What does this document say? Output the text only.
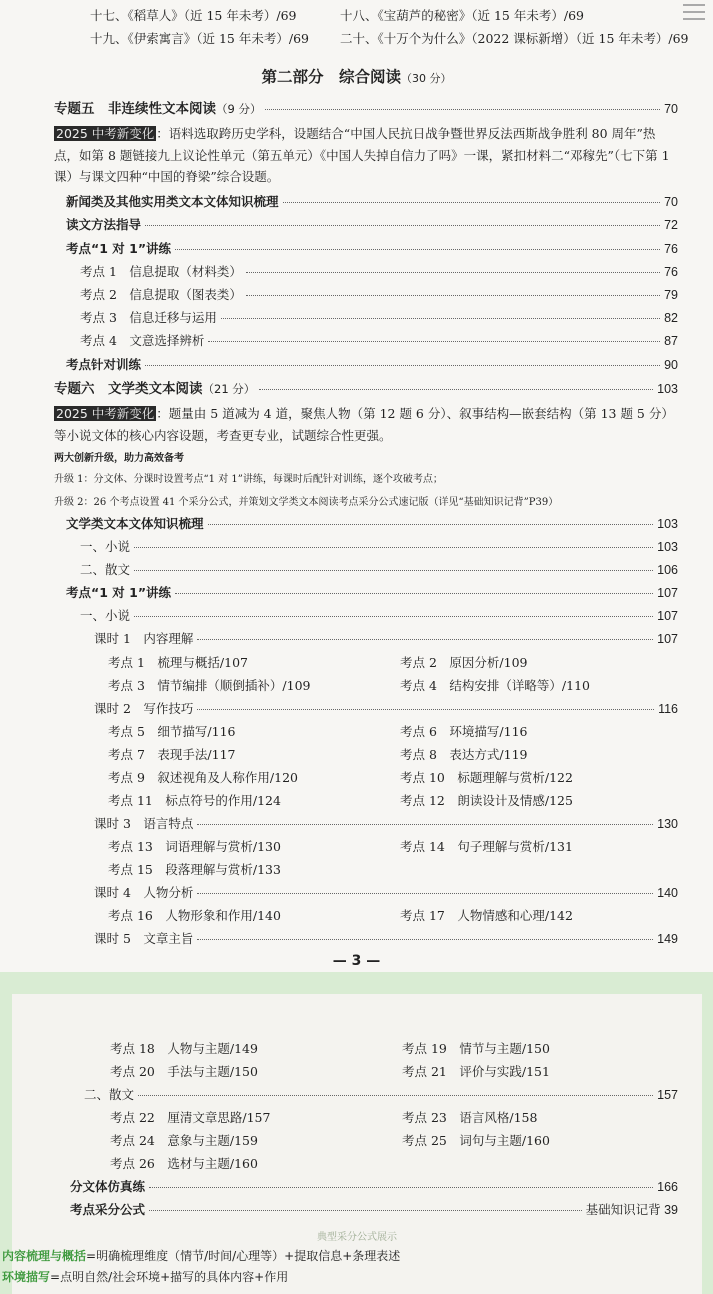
十七、《稻草人》（近 15 年未考）/69	十八、《宝葫芦的秘密》（近 15 年未考）/69
十九、《伊索寓言》（近 15 年未考）/69 二十、《十万个为什么》（2022 课标新增）（近 15 年未考）/69
第二部分　综合阅读（30 分）
专题五　非连续性文本阅读（9 分）	70
2025 中考新变化 ：语料选取跨历史学科，设题结合“中国人民抗日战争暨世界反法西斯战争胜利 80 周年”热点，如第 8 题链接九上议论性单元（第五单元）《中国人失掉自信力了吗》一课，紧扣材料二“邓稼先”（七下第 1 课）与课文四种“中国的脊梁”综合设题。
新闻类及其他实用类文本文体知识梳理	70
读文方法指导	72
考点“1 对 1”讲练	76
考点 1　信息提取（材料类）	76
考点 2　信息提取（图表类）	79
考点 3　信息迁移与运用	82
考点 4　文意选择辨析	87
考点针对训练	90
专题六　文学类文本阅读（21 分）	103
2025 中考新变化 ：题量由 5 道减为 4 道，聚焦人物（第 12 题 6 分）、叙事结构—嵌套结构（第 13 题 5 分）等小说文体的核心内容设题，考查更专业，试题综合性更强。
两大创新升级，助力高效备考
升级 1：分文体、分课时设置考点“1 对 1”讲练，每课时后配针对训练，逐个攻破考点；
升级 2：26 个考点设置 41 个采分公式，并策划文学类文本阅读考点采分公式速记版（详见“基础知识记背”P39）
文学类文本文体知识梳理	103
一、小说	103
二、散文	106
考点“1 对 1”讲练	107
一、小说	107
课时 1　内容理解	107
考点 1　梳理与概括/107	考点 2　原因分析/109
考点 3　情节编排（顺倒插补）/109	考点 4　结构安排（详略等）/110
课时 2　写作技巧	116
考点 5　细节描写/116	考点 6　环境描写/116
考点 7　表现手法/117	考点 8　表达方式/119
考点 9　叙述视角及人称作用/120	考点 10　标题理解与赏析/122
考点 11　标点符号的作用/124	考点 12　朗读设计及情感/125
课时 3　语言特点	130
考点 13　词语理解与赏析/130	考点 14　句子理解与赏析/131
考点 15　段落理解与赏析/133
课时 4　人物分析	140
考点 16　人物形象和作用/140	考点 17　人物情感和心理/142
课时 5　文章主旨	149
— 3 —
考点 18　人物与主题/149	考点 19　情节与主题/150
考点 20　手法与主题/150	考点 21　评价与实践/151
二、散文	157
考点 22　厘清文章思路/157	考点 23　语言风格/158
考点 24　意象与主题/159	考点 25　词句与主题/160
考点 26　选材与主题/160
分文体仿真练	166
考点采分公式	基础知识记背 39
典型采分公式展示
内容梳理与概括=明确梳理维度（情节/时间/心理等）+提取信息+条理表述
环境描写=点明自然/社会环境+描写的具体内容+作用
